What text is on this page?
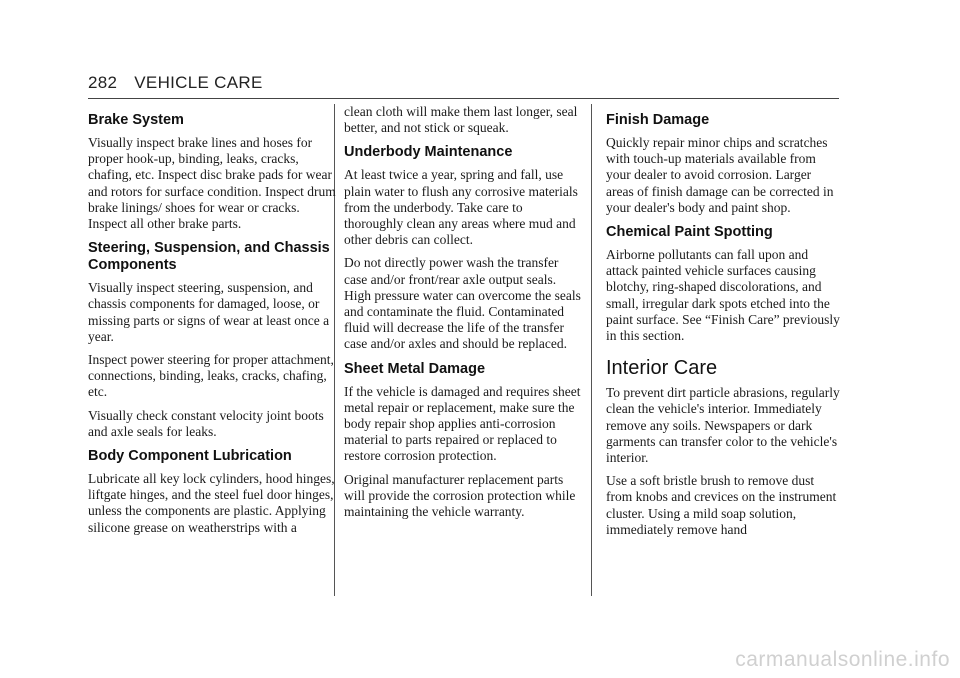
282 VEHICLE CARE
Brake System

Visually inspect brake lines and hoses for proper hook-up, binding, leaks, cracks, chafing, etc. Inspect disc brake pads for wear and rotors for surface condition. Inspect drum brake linings/ shoes for wear or cracks. Inspect all other brake parts.

Steering, Suspension, and Chassis Components

Visually inspect steering, suspension, and chassis components for damaged, loose, or missing parts or signs of wear at least once a year.

Inspect power steering for proper attachment, connections, binding, leaks, cracks, chafing, etc.

Visually check constant velocity joint boots and axle seals for leaks.

Body Component Lubrication

Lubricate all key lock cylinders, hood hinges, liftgate hinges, and the steel fuel door hinges, unless the components are plastic. Applying silicone grease on weatherstrips with a

clean cloth will make them last longer, seal better, and not stick or squeak.

Underbody Maintenance

At least twice a year, spring and fall, use plain water to flush any corrosive materials from the underbody. Take care to thoroughly clean any areas where mud and other debris can collect.

Do not directly power wash the transfer case and/or front/rear axle output seals. High pressure water can overcome the seals and contaminate the fluid. Contaminated fluid will decrease the life of the transfer case and/or axles and should be replaced.

Sheet Metal Damage

If the vehicle is damaged and requires sheet metal repair or replacement, make sure the body repair shop applies anti-corrosion material to parts repaired or replaced to restore corrosion protection.

Original manufacturer replacement parts will provide the corrosion protection while maintaining the vehicle warranty.

Finish Damage

Quickly repair minor chips and scratches with touch-up materials available from your dealer to avoid corrosion. Larger areas of finish damage can be corrected in your dealer's body and paint shop.

Chemical Paint Spotting

Airborne pollutants can fall upon and attack painted vehicle surfaces causing blotchy, ring-shaped discolorations, and small, irregular dark spots etched into the paint surface. See “Finish Care” previously in this section.

Interior Care

To prevent dirt particle abrasions, regularly clean the vehicle's interior. Immediately remove any soils. Newspapers or dark garments can transfer color to the vehicle's interior.

Use a soft bristle brush to remove dust from knobs and crevices on the instrument cluster. Using a mild soap solution, immediately remove hand

carmanualsonline.info
